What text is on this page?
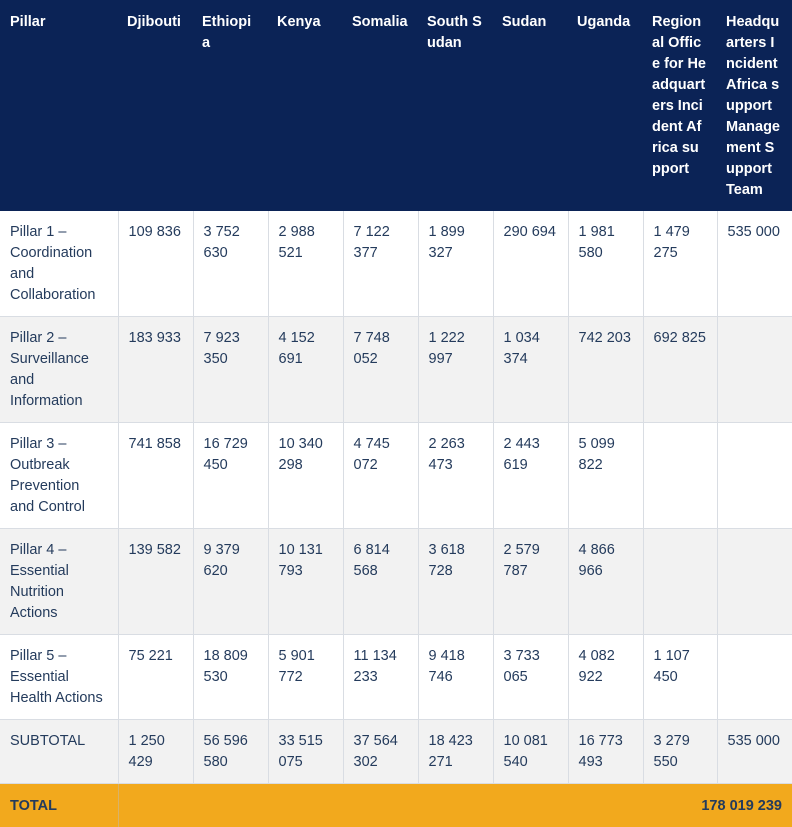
Pillar	Djibouti	Ethiopia	Kenya	Somalia	South Sudan	Sudan	Uganda	Regional Office for Headquarters Incident Africa support	Headquarters Incident Africa support Management Support Team
Pillar 1 – Coordination and Collaboration	109 836	3 752 630	2 988 521	7 122 377	1 899 327	290 694	1 981 580	1 479 275	535 000
Pillar 2 – Surveillance and Information	183 933	7 923 350	4 152 691	7 748 052	1 222 997	1 034 374	742 203	692 825	
Pillar 3 – Outbreak Prevention and Control	741 858	16 729 450	10 340 298	4 745 072	2 263 473	2 443 619	5 099 822		
Pillar 4 – Essential Nutrition Actions	139 582	9 379 620	10 131 793	6 814 568	3 618 728	2 579 787	4 866 966		
Pillar 5 – Essential Health Actions	75 221	18 809 530	5 901 772	11 134 233	9 418 746	3 733 065	4 082 922	1 107 450	
SUBTOTAL	1 250 429	56 596 580	33 515 075	37 564 302	18 423 271	10 081 540	16 773 493	3 279 550	535 000
TOTAL	178 019 239								
